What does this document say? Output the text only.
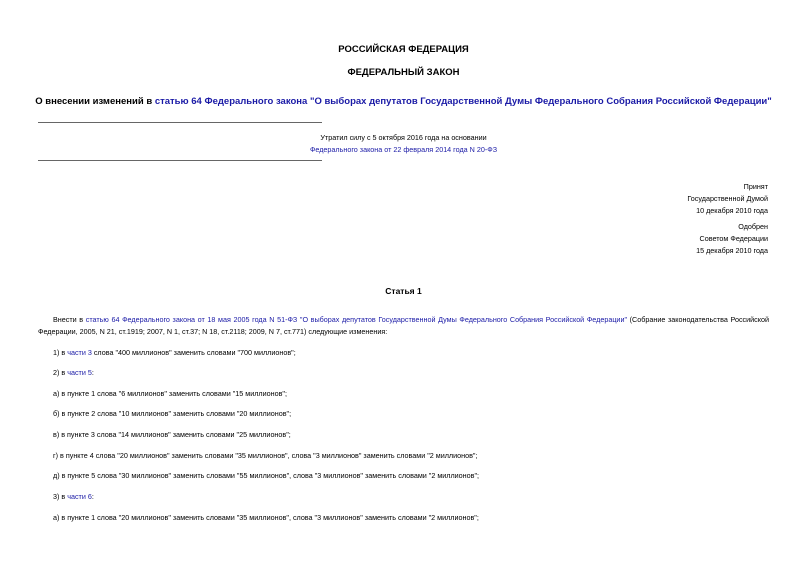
РОССИЙСКАЯ ФЕДЕРАЦИЯ
ФЕДЕРАЛЬНЫЙ ЗАКОН
О внесении изменений в статью 64 Федерального закона "О выборах депутатов Государственной Думы Федерального Собрания Российской Федерации"
Утратил силу с 5 октября 2016 года на основании
Федерального закона от 22 февраля 2014 года N 20-ФЗ
Принят
Государственной Думой
10 декабря 2010 года
Одобрен
Советом Федерации
15 декабря 2010 года
Статья 1
Внести в статью 64 Федерального закона от 18 мая 2005 года N 51-ФЗ "О выборах депутатов Государственной Думы Федерального Собрания Российской Федерации" (Собрание законодательства Российской Федерации, 2005, N 21, ст.1919; 2007, N 1, ст.37; N 18, ст.2118; 2009, N 7, ст.771) следующие изменения:
1) в части 3 слова "400 миллионов" заменить словами "700 миллионов";
2) в части 5:
а) в пункте 1 слова "6 миллионов" заменить словами "15 миллионов";
б) в пункте 2 слова "10 миллионов" заменить словами "20 миллионов";
в) в пункте 3 слова "14 миллионов" заменить словами "25 миллионов";
г) в пункте 4 слова "20 миллионов" заменить словами "35 миллионов", слова "3 миллионов" заменить словами "2 миллионов";
д) в пункте 5 слова "30 миллионов" заменить словами "55 миллионов", слова "3 миллионов" заменить словами "2 миллионов";
3) в части 6:
а) в пункте 1 слова "20 миллионов" заменить словами "35 миллионов", слова "3 миллионов" заменить словами "2 миллионов";
